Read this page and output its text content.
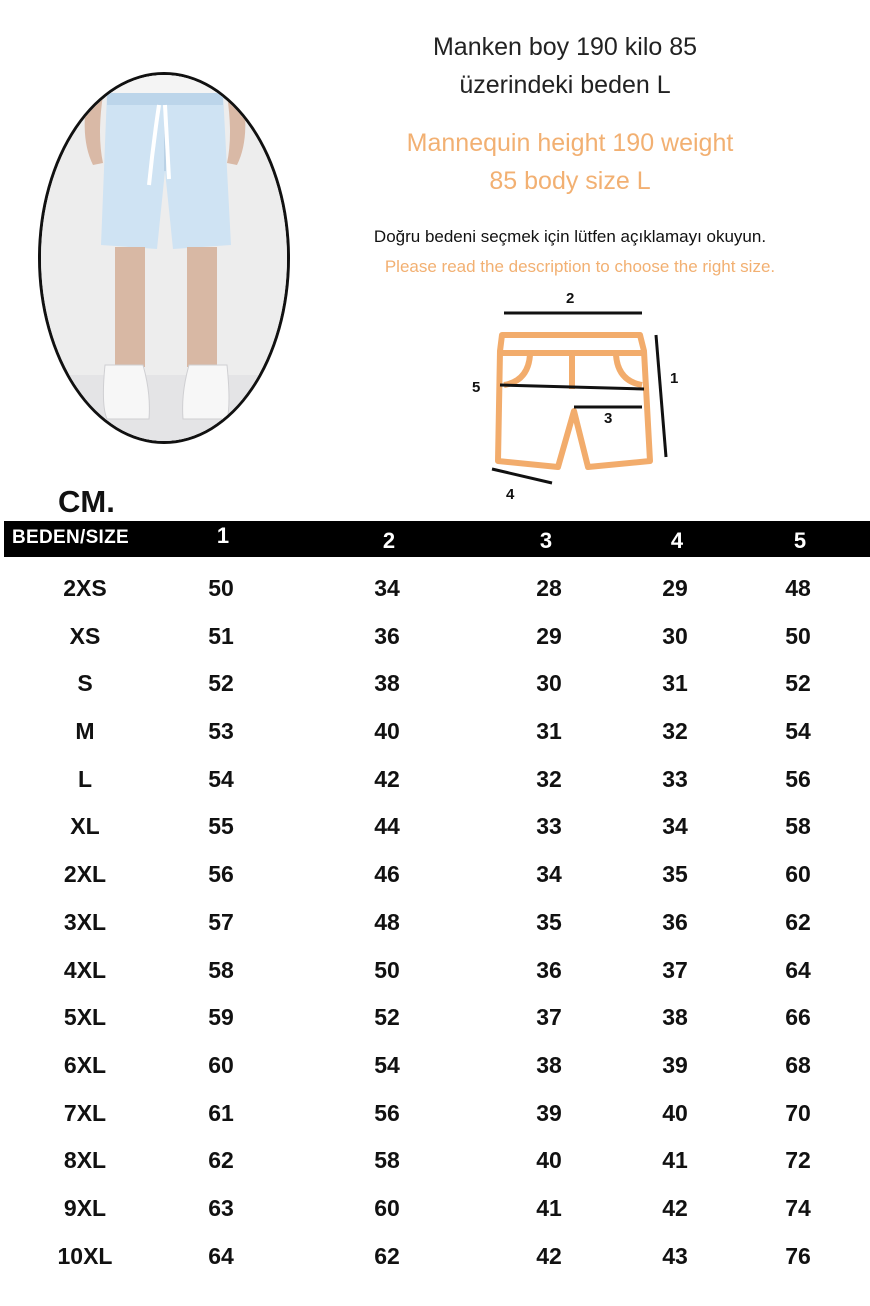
Manken boy 190 kilo 85
üzerindeki beden L
Mannequin height 190 weight
85 body size L
Doğru bedeni seçmek için lütfen açıklamayı okuyun.
Please read the description to choose the right size.
2
1
5
3
4
CM.
BEDEN/SIZE	1	2	3	4	5
2XS	50	34	28	29	48
XS	51	36	29	30	50
S	52	38	30	31	52
M	53	40	31	32	54
L	54	42	32	33	56
XL	55	44	33	34	58
2XL	56	46	34	35	60
3XL	57	48	35	36	62
4XL	58	50	36	37	64
5XL	59	52	37	38	66
6XL	60	54	38	39	68
7XL	61	56	39	40	70
8XL	62	58	40	41	72
9XL	63	60	41	42	74
10XL	64	62	42	43	76
